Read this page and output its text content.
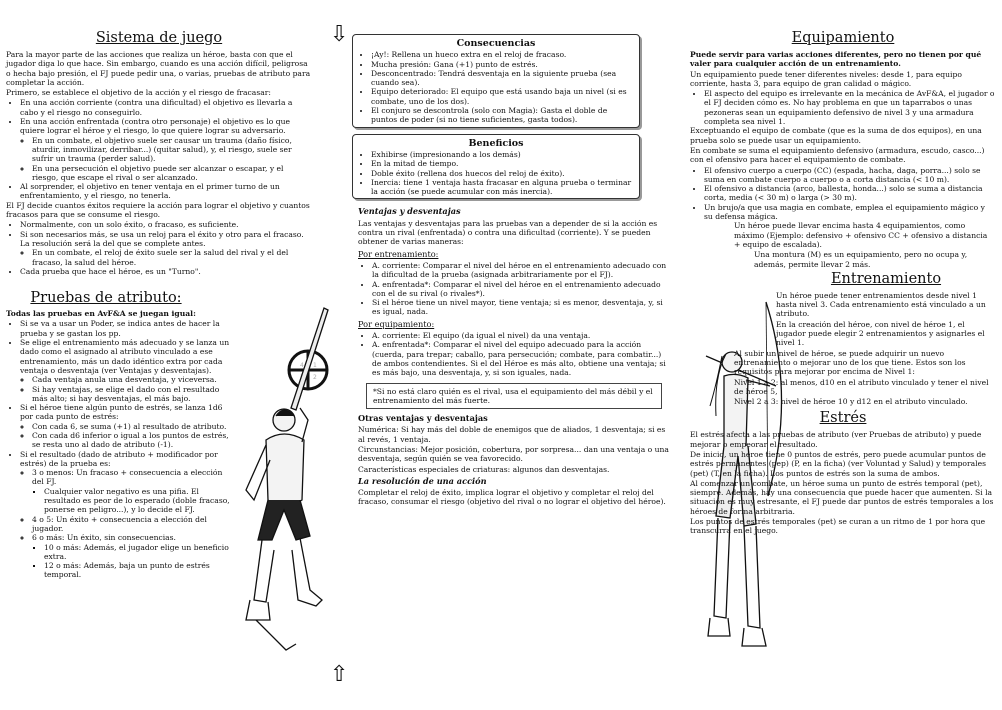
⇩
⇧
Sistema de juego

Para la mayor parte de las acciones que realiza un héroe, basta con que el jugador diga lo que hace. Sin embargo, cuando es una acción difícil, peligrosa o hecha bajo presión, el FJ puede pedir una, o varias, pruebas de atributo para completar la acción.

Primero, se establece el objetivo de la acción y el riesgo de fracasar:

• En una acción corriente (contra una dificultad) el objetivo es llevarla a cabo y el riesgo no conseguirlo.
• En una acción enfrentada (contra otro personaje) el objetivo es lo que quiere lograr el héroe y el riesgo, lo que quiere lograr su adversario.
◦ En un combate, el objetivo suele ser causar un trauma (daño físico, aturdir, inmovilizar, derribar...) (quitar salud), y, el riesgo, suele ser sufrir un trauma (perder salud).
◦ En una persecución el objetivo puede ser alcanzar o escapar, y el riesgo, que escape el rival o ser alcanzado.
• Al sorprender, el objetivo en tener ventaja en el primer turno de un enfrentamiento, y el riesgo, no tenerla.

El FJ decide cuantos éxitos requiere la acción para lograr el objetivo y cuantos fracasos para que se consume el riesgo.

• Normalmente, con un solo éxito, o fracaso, es suficiente.
• Si son necesarios más, se usa un reloj para el éxito y otro para el fracaso. La resolución será la del que se complete antes.
◦ En un combate, el reloj de éxito suele ser la salud del rival y el del fracaso, la salud del héroe.
• Cada prueba que hace el héroe, es un "Turno".
Pruebas de atributo:

Todas las pruebas en AvF&A se juegan igual:

• Si se va a usar un Poder, se indica antes de hacer la prueba y se gastan los pp.
• Se elige el entrenamiento más adecuado y se lanza un dado como el asignado al atributo vinculado a ese entrenamiento, más un dado idéntico extra por cada ventaja o desventaja (ver Ventajas y desventajas).
◦ Cada ventaja anula una desventaja, y viceversa.
◦ Si hay ventajas, se elige el dado con el resultado más alto; si hay desventajas, el más bajo.
• Si el héroe tiene algún punto de estrés, se lanza 1d6 por cada punto de estrés:
◦ Con cada 6, se suma (+1) al resultado de atributo.
◦ Con cada d6 inferior o igual a los puntos de estrés, se resta uno al dado de atributo (-1).
• Si el resultado (dado de atributo + modificador por estrés) de la prueba es:
◦ 3 o menos: Un fracaso + consecuencia a elección del FJ.
▪ Cualquier valor negativo es una pifia. El resultado es peor de lo esperado (doble fracaso, ponerse en peligro...), y lo decide el FJ.
◦ 4 o 5: Un éxito + consecuencia a elección del jugador.
◦ 6 o más: Un éxito, sin consecuencias.
▪ 10 o más: Además, el jugador elige un beneficio extra.
▪ 12 o más: Además, baja un punto de estrés temporal.
1
2
4
Consecuencias
• ¡Ay!: Rellena un hueco extra en el reloj de fracaso.
• Mucha presión: Gana (+1) punto de estrés.
• Desconcentrado: Tendrá desventaja en la siguiente prueba (sea cuando sea).
• Equipo deteriorado: El equipo que está usando baja un nivel (si es combate, uno de los dos).
• El conjuro se descontrola (solo con Magia): Gasta el doble de puntos de poder (si no tiene suficientes, gasta todos).
Beneficios
• Exhibirse (impresionando a los demás)
• En la mitad de tiempo.
• Doble éxito (rellena dos huecos del reloj de éxito).
• Inercia: tiene 1 ventaja hasta fracasar en alguna prueba o terminar la acción (se puede acumular con más inercia).
Ventajas y desventajas

Las ventajas y desventajas para las pruebas van a depender de si la acción es contra un rival (enfrentada) o contra una dificultad (corriente). Y se pueden obtener de varias maneras:

Por entrenamiento:
• A. corriente: Comparar el nivel del héroe en el entrenamiento adecuado con la dificultad de la prueba (asignada arbitrariamente por el FJ).
• A. enfrentada*: Comparar el nivel del héroe en el entrenamiento adecuado con el de su rival (o rivales*).
• Si el héroe tiene un nivel mayor, tiene ventaja; si es menor, desventaja, y, si es igual, nada.
Por equipamiento:
• A. corriente: El equipo (da igual el nivel) da una ventaja.
• A. enfrentada*: Comparar el nivel del equipo adecuado para la acción (cuerda, para trepar; caballo, para persecución; combate, para combatir...) de ambos contendientes. Si el del Héroe es más alto, obtiene una ventaja; si es más bajo, una desventaja, y, si son iguales, nada.
*Si no está claro quién es el rival, usa el equipamiento del más débil y el entrenamiento del más fuerte.
Otras ventajas y desventajas

Numérica: Si hay más del doble de enemigos que de aliados, 1 desventaja; si es al revés, 1 ventaja.

Circunstancias: Mejor posición, cobertura, por sorpresa... dan una ventaja o una desventaja, según quién se vea favorecido.

Características especiales de criaturas: algunos dan desventajas.

La resolución de una acción

Completar el reloj de éxito, implica lograr el objetivo y completar el reloj del fracaso, consumar el riesgo (objetivo del rival o no lograr el objetivo del héroe).

Equipamiento

Puede servir para varias acciones diferentes, pero no tienen por qué valer para cualquier acción de un entrenamiento.

Un equipamiento puede tener diferentes niveles: desde 1, para equipo corriente, hasta 3, para equipo de gran calidad o mágico.

• El aspecto del equipo es irrelevante en la mecánica de AvF&A, el jugador o el FJ deciden cómo es. No hay problema en que un taparrabos o unas pezoneras sean un equipamiento defensivo de nivel 3 y una armadura completa sea nivel 1.

Exceptuando el equipo de combate (que es la suma de dos equipos), en una prueba solo se puede usar un equipamiento.

En combate se suma el equipamiento defensivo (armadura, escudo, casco...) con el ofensivo para hacer el equipamiento de combate.

• El ofensivo cuerpo a cuerpo (CC) (espada, hacha, daga, porra...) solo se suma en combate cuerpo a cuerpo o a corta distancia (< 10 m).
• El ofensivo a distancia (arco, ballesta, honda...) solo se suma a distancia corta, media (< 30 m) o larga (> 30 m).
• Un brujo/a que usa magia en combate, emplea el equipamiento mágico y su defensa mágica.

Un héroe puede llevar encima hasta 4 equipamientos, como máximo (Ejemplo: defensivo + ofensivo CC + ofensivo a distancia + equipo de escalada).

Una montura (M) es un equipamiento, pero no ocupa y, además, permite llevar 2 más.

Entrenamiento

Un héroe puede tener entrenamientos desde nivel 1 hasta nivel 3. Cada entrenamiento está vinculado a un atributo.

En la creación del héroe, con nivel de héroe 1, el jugador puede elegir 2 entrenamientos y asignarles el nivel 1.

Al subir un nivel de héroe, se puede adquirir un nuevo entrenamiento o mejorar uno de los que tiene. Estos son los requisitos para mejorar por encima de Nivel 1:

Nivel 1 a 2: al menos, d10 en el atributo vinculado y tener el nivel de héroe 5,

Nivel 2 a 3: nivel de héroe 10 y d12 en el atributo vinculado.

Estrés

El estrés afecta a las pruebas de atributo (ver Pruebas de atributo) y puede mejorar o empeorar el resultado.

De inicio, un héroe tiene 0 puntos de estrés, pero puede acumular puntos de estrés permanentes (pep) (P, en la ficha) (ver Voluntad y Salud) y temporales (pet) (T, en la ficha). Los puntos de estrés son la suma de ambos.

Al comenzar un combate, un héroe suma un punto de estrés temporal (pet), siempre. Además, hay una consecuencia que puede hacer que aumenten. Si la situación es muy estresante, el FJ puede dar puntos de estrés temporales a los héroes de forma arbitraria.

Los puntos de estrés temporales (pet) se curan a un ritmo de 1 por hora que transcurra en el juego.
